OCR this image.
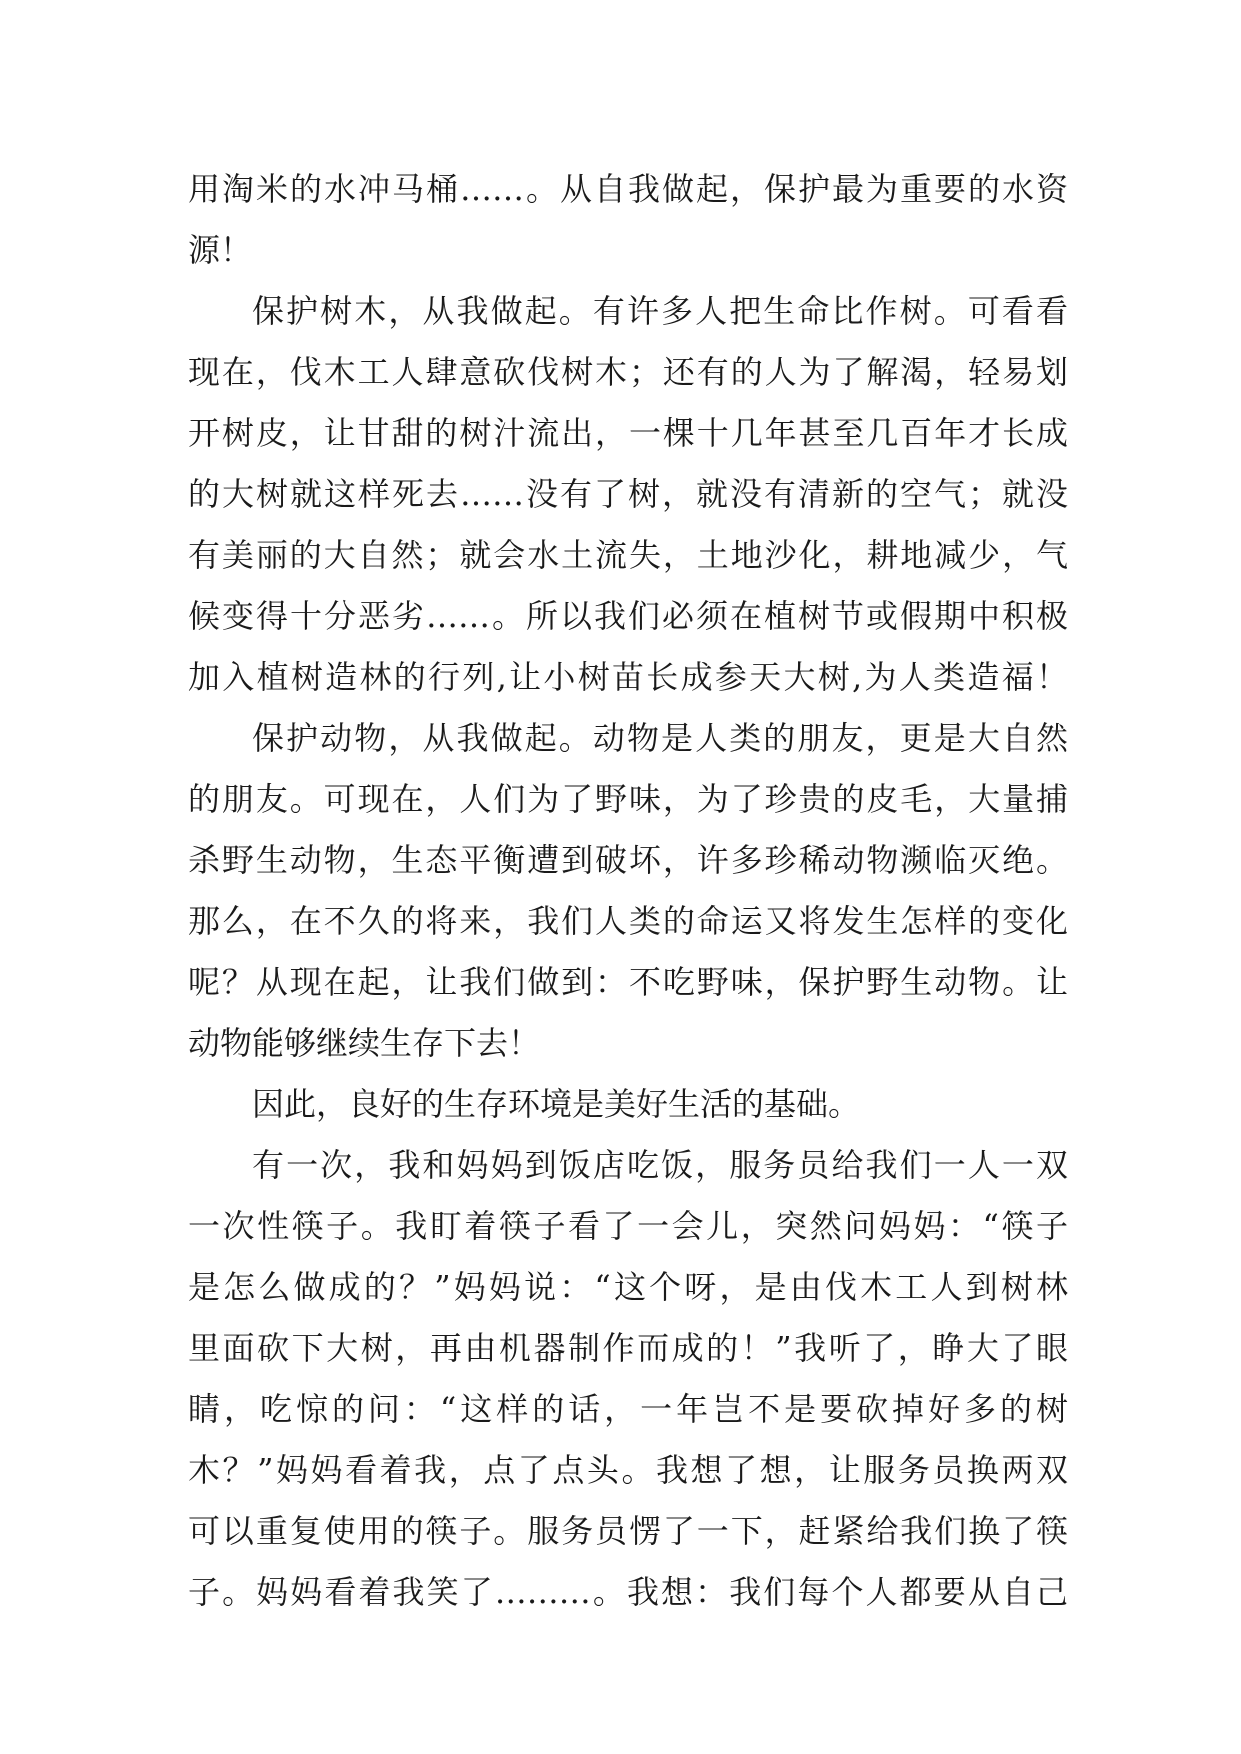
用淘米的水冲马桶……。从自我做起，保护最为重要的水资
源！
保护树木，从我做起。有许多人把生命比作树。可看看
现在，伐木工人肆意砍伐树木；还有的人为了解渴，轻易划
开树皮，让甘甜的树汁流出，一棵十几年甚至几百年才长成
的大树就这样死去……没有了树，就没有清新的空气；就没
有美丽的大自然；就会水土流失，土地沙化，耕地减少，气
候变得十分恶劣……。所以我们必须在植树节或假期中积极
加入植树造林的行列,让小树苗长成参天大树,为人类造福！
保护动物，从我做起。动物是人类的朋友，更是大自然
的朋友。可现在，人们为了野味，为了珍贵的皮毛，大量捕
杀野生动物，生态平衡遭到破坏，许多珍稀动物濒临灭绝。
那么，在不久的将来，我们人类的命运又将发生怎样的变化
呢？从现在起，让我们做到：不吃野味，保护野生动物。让
动物能够继续生存下去！
因此，良好的生存环境是美好生活的基础。
有一次，我和妈妈到饭店吃饭，服务员给我们一人一双
一次性筷子。我盯着筷子看了一会儿，突然问妈妈：“筷子
是怎么做成的？”妈妈说：“这个呀，是由伐木工人到树林
里面砍下大树，再由机器制作而成的！”我听了，睁大了眼
睛，吃惊的问：“这样的话，一年岂不是要砍掉好多的树
木？”妈妈看着我，点了点头。我想了想，让服务员换两双
可以重复使用的筷子。服务员愣了一下，赶紧给我们换了筷
子。妈妈看着我笑了………。我想：我们每个人都要从自己
